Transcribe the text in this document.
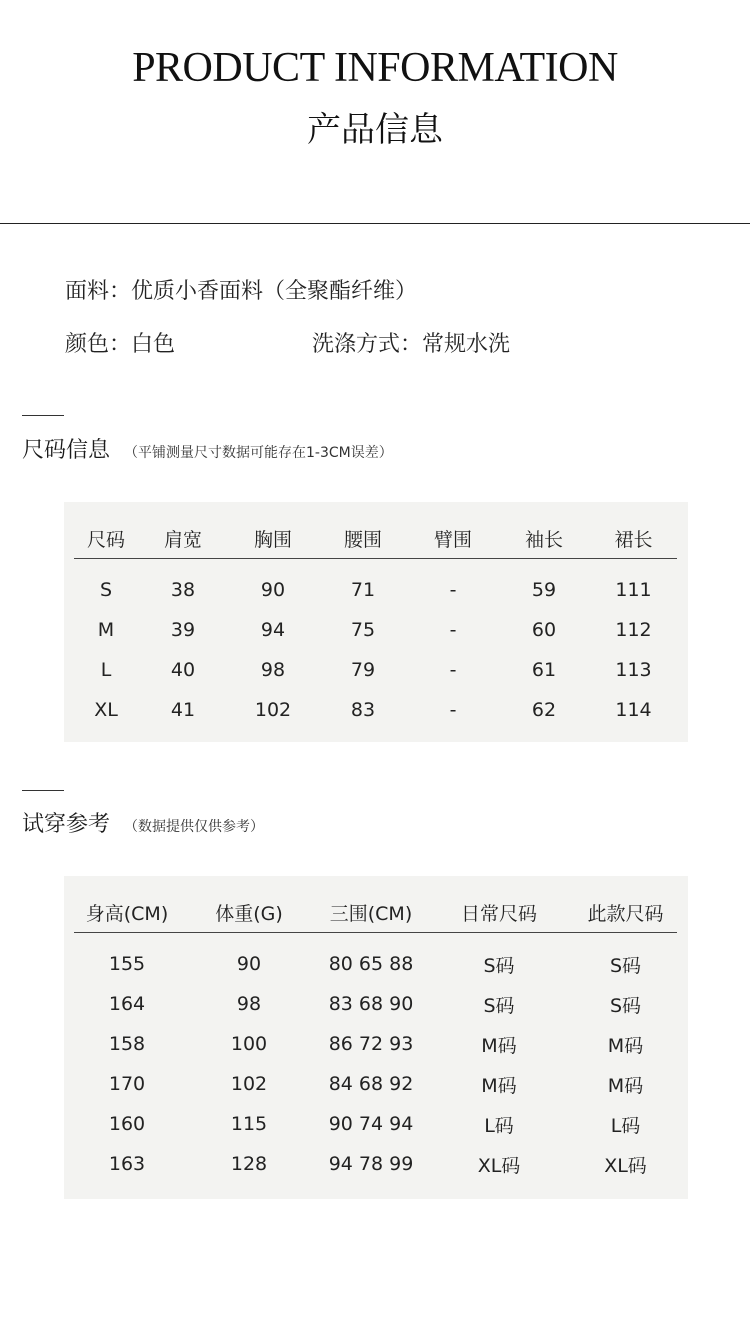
PRODUCT INFORMATION
产品信息
面料：优质小香面料（全聚酯纤维）
颜色：白色	洗涤方式：常规水洗
尺码信息 （平铺测量尺寸数据可能存在1-3CM误差）
尺码	肩宽	胸围	腰围	臂围	袖长	裙长
S	38	90	71	-	59	111
M	39	94	75	-	60	112
L	40	98	79	-	61	113
XL	41	102	83	-	62	114
试穿参考 （数据提供仅供参考）
身高(CM)	体重(G)	三围(CM)	日常尺码	此款尺码
155	90	80 65 88	S码	S码
164	98	83 68 90	S码	S码
158	100	86 72 93	M码	M码
170	102	84 68 92	M码	M码
160	115	90 74 94	L码	L码
163	128	94 78 99	XL码	XL码
